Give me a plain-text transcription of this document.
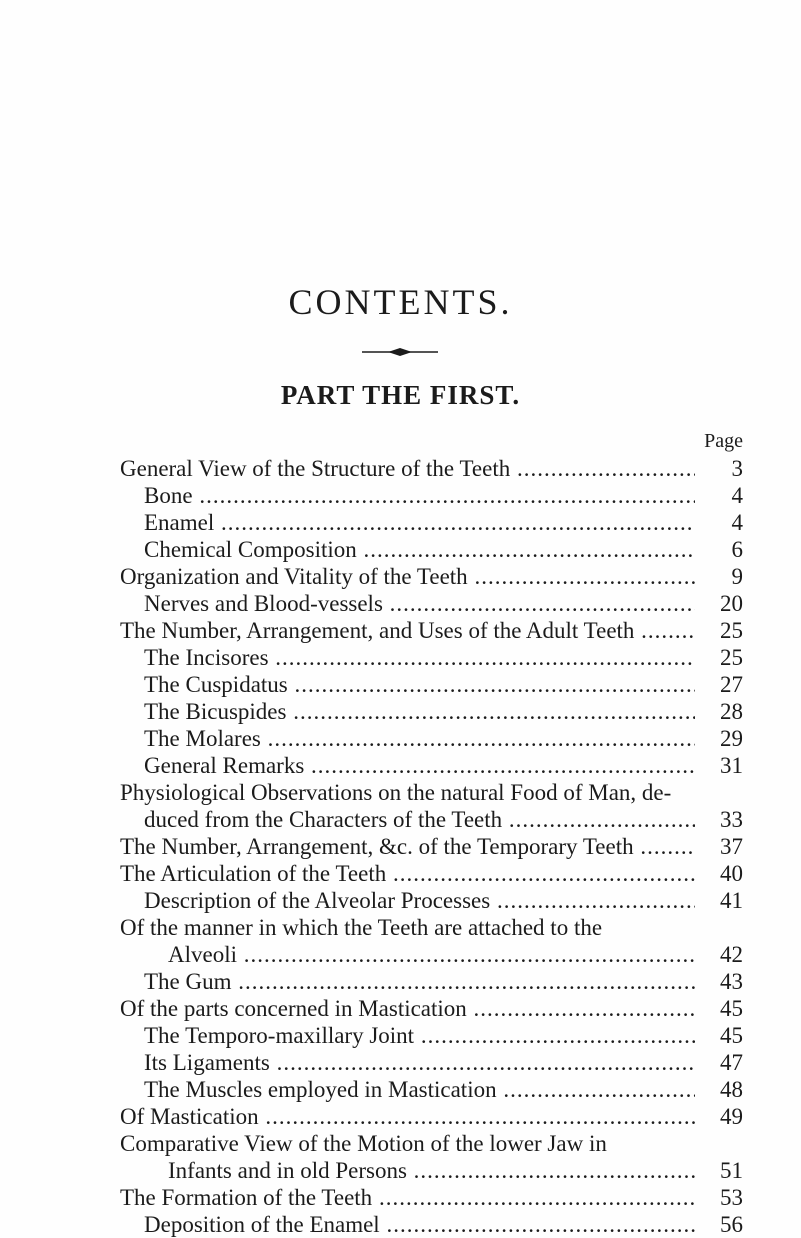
CONTENTS.
PART THE FIRST.
Page
General View of the Structure of the Teeth .....	3
Bone .....	4
Enamel .....	4
Chemical Composition .....	6
Organization and Vitality of the Teeth .....	9
Nerves and Blood-vessels .....	20
The Number, Arrangement, and Uses of the Adult Teeth .....	25
The Incisores .....	25
The Cuspidatus .....	27
The Bicuspides .....	28
The Molares .....	29
General Remarks .....	31
Physiological Observations on the natural Food of Man, de-
duced from the Characters of the Teeth .....	33
The Number, Arrangement, &c. of the Temporary Teeth .....	37
The Articulation of the Teeth .....	40
Description of the Alveolar Processes .....	41
Of the manner in which the Teeth are attached to the
Alveoli .....	42
The Gum .....	43
Of the parts concerned in Mastication .....	45
The Temporo-maxillary Joint .....	45
Its Ligaments .....	47
The Muscles employed in Mastication .....	48
Of Mastication .....	49
Comparative View of the Motion of the lower Jaw in
Infants and in old Persons .....	51
The Formation of the Teeth .....	53
Deposition of the Enamel .....	56
